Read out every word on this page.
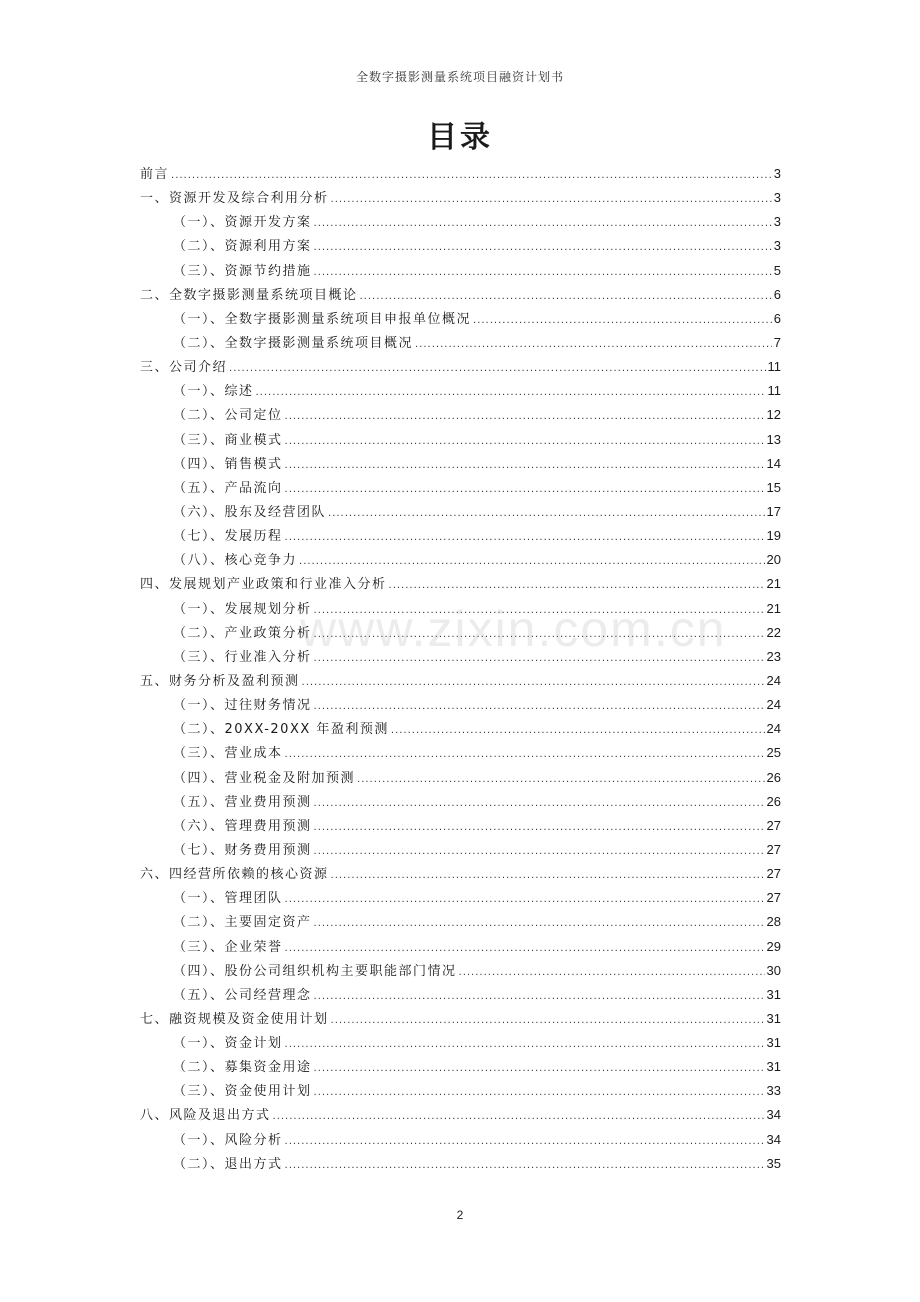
全数字摄影测量系统项目融资计划书
目录
前言 .....	3
一、资源开发及综合利用分析 .....	3
（一）、资源开发方案 .....	3
（二）、资源利用方案 .....	3
（三）、资源节约措施 .....	5
二、全数字摄影测量系统项目概论 .....	6
（一）、全数字摄影测量系统项目申报单位概况 .....	6
（二）、全数字摄影测量系统项目概况 .....	7
三、公司介绍 .....	11
（一）、综述 .....	11
（二）、公司定位 .....	12
（三）、商业模式 .....	13
（四）、销售模式 .....	14
（五）、产品流向 .....	15
（六）、股东及经营团队 .....	17
（七）、发展历程 .....	19
（八）、核心竞争力 .....	20
四、发展规划产业政策和行业准入分析 .....	21
（一）、发展规划分析 .....	21
（二）、产业政策分析 .....	22
（三）、行业准入分析 .....	23
五、财务分析及盈利预测 .....	24
（一）、过往财务情况 .....	24
（二）、20XX-20XX 年盈利预测 .....	24
（三）、营业成本 .....	25
（四）、营业税金及附加预测 .....	26
（五）、营业费用预测 .....	26
（六）、管理费用预测 .....	27
（七）、财务费用预测 .....	27
六、四经营所依赖的核心资源 .....	27
（一）、管理团队 .....	27
（二）、主要固定资产 .....	28
（三）、企业荣誉 .....	29
（四）、股份公司组织机构主要职能部门情况 .....	30
（五）、公司经营理念 .....	31
七、融资规模及资金使用计划 .....	31
（一）、资金计划 .....	31
（二）、募集资金用途 .....	31
（三）、资金使用计划 .....	33
八、风险及退出方式 .....	34
（一）、风险分析 .....	34
（二）、退出方式 .....	35
www.zixin.com.cn
2
